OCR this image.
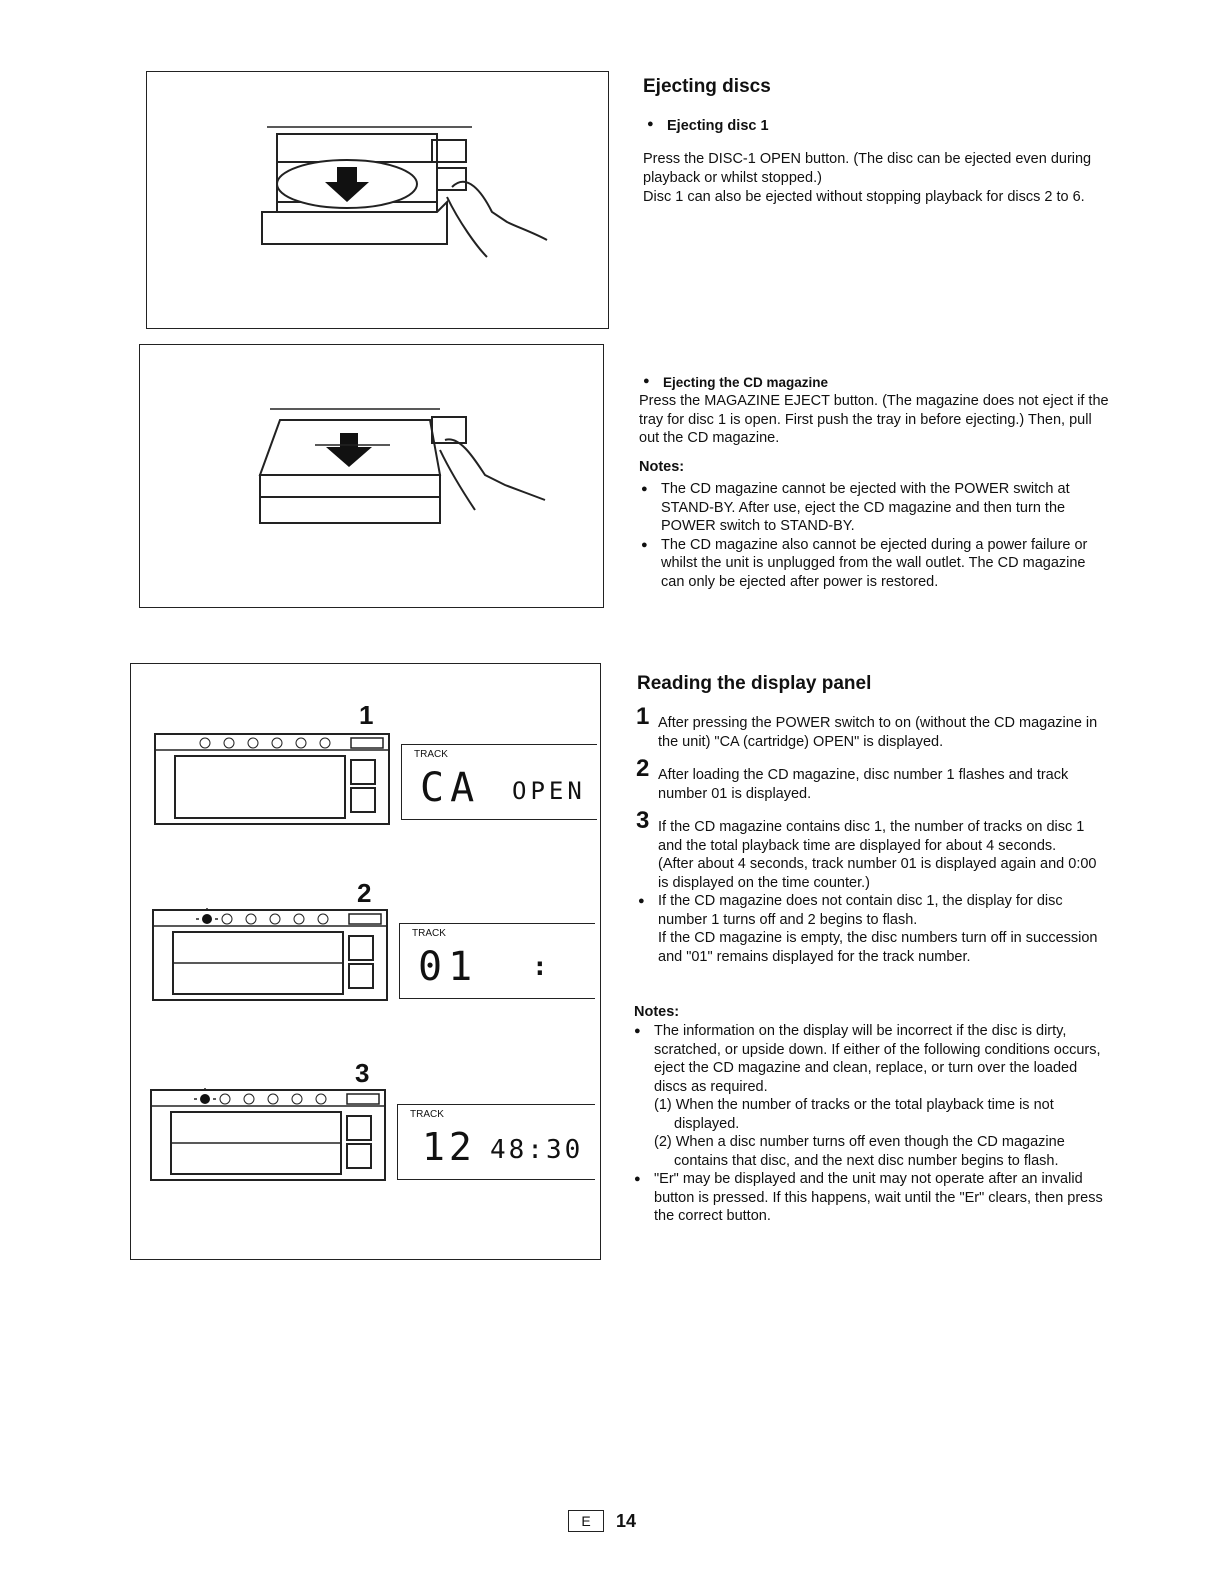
Ejecting discs
● Ejecting disc 1
Press the DISC-1 OPEN button. (The disc can be ejected even during playback or whilst stopped.)
Disc 1 can also be ejected without stopping playback for discs 2 to 6.
● Ejecting the CD magazine
Press the MAGAZINE EJECT button. (The magazine does not eject if the tray for disc 1 is open. First push the tray in before ejecting.) Then, pull out the CD magazine.
Notes:
● The CD magazine cannot be ejected with the POWER switch at STAND-BY. After use, eject the CD magazine and then turn the POWER switch to STAND-BY.
● The CD magazine also cannot be ejected during a power failure or whilst the unit is unplugged from the wall outlet. The CD magazine can only be ejected after power is restored.
1
TRACK
CA OPEN
2
TRACK
01 :
3
TRACK
12 48:30
Reading the display panel
1 After pressing the POWER switch to on (without the CD magazine in the unit) "CA (cartridge) OPEN" is displayed.
2 After loading the CD magazine, disc number 1 flashes and track number 01 is displayed.
3 If the CD magazine contains disc 1, the number of tracks on disc 1 and the total playback time are displayed for about 4 seconds.
(After about 4 seconds, track number 01 is displayed again and 0:00 is displayed on the time counter.)
● If the CD magazine does not contain disc 1, the display for disc number 1 turns off and 2 begins to flash.
If the CD magazine is empty, the disc numbers turn off in succession and "01" remains displayed for the track number.
Notes:
● The information on the display will be incorrect if the disc is dirty, scratched, or upside down. If either of the following conditions occurs, eject the CD magazine and clean, replace, or turn over the loaded discs as required.
(1) When the number of tracks or the total playback time is not displayed.
(2) When a disc number turns off even though the CD magazine contains that disc, and the next disc number begins to flash.
● "Er" may be displayed and the unit may not operate after an invalid button is pressed. If this happens, wait until the "Er" clears, then press the correct button.
E	14
